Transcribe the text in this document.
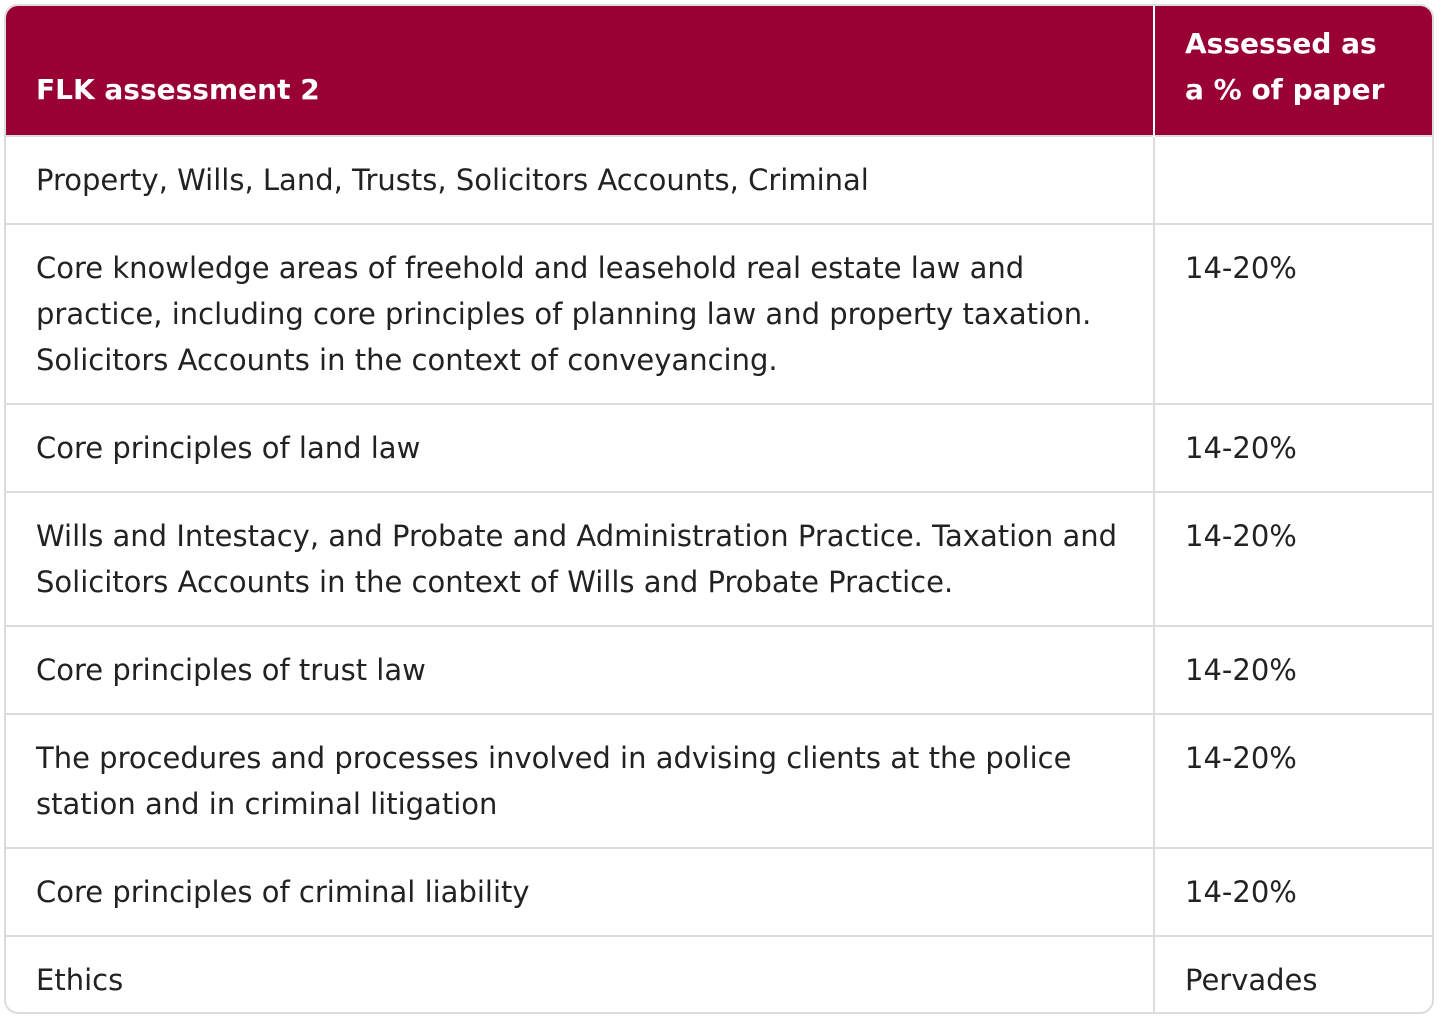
FLK assessment 2	Assessed as a % of paper
Property, Wills, Land, Trusts, Solicitors Accounts, Criminal	
Core knowledge areas of freehold and leasehold real estate law and practice, including core principles of planning law and property taxation. Solicitors Accounts in the context of conveyancing.	14-20%
Core principles of land law	14-20%
Wills and Intestacy, and Probate and Administration Practice. Taxation and Solicitors Accounts in the context of Wills and Probate Practice.	14-20%
Core principles of trust law	14-20%
The procedures and processes involved in advising clients at the police station and in criminal litigation	14-20%
Core principles of criminal liability	14-20%
Ethics	Pervades
